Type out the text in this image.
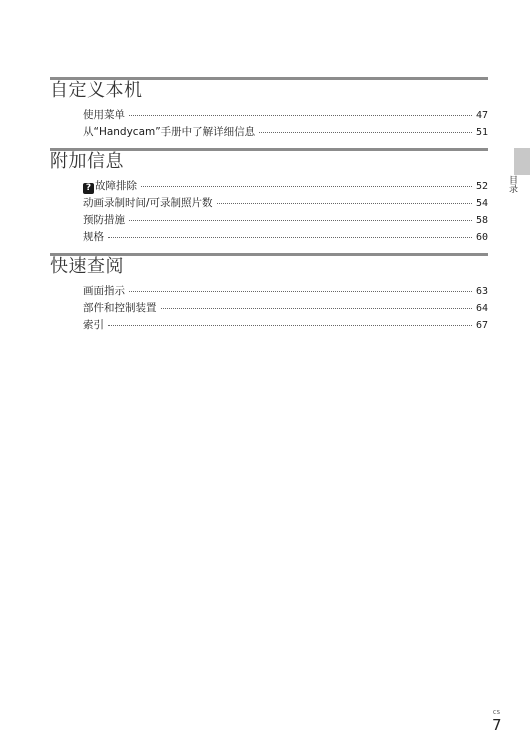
自定义本机
使用菜单	47
从“Handycam”手册中了解详细信息	51
附加信息
? 故障排除	52
动画录制时间/可录制照片数	54
预防措施	58
规格	60
快速查阅
画面指示	63
部件和控制装置	64
索引	67
目录
CS
7
